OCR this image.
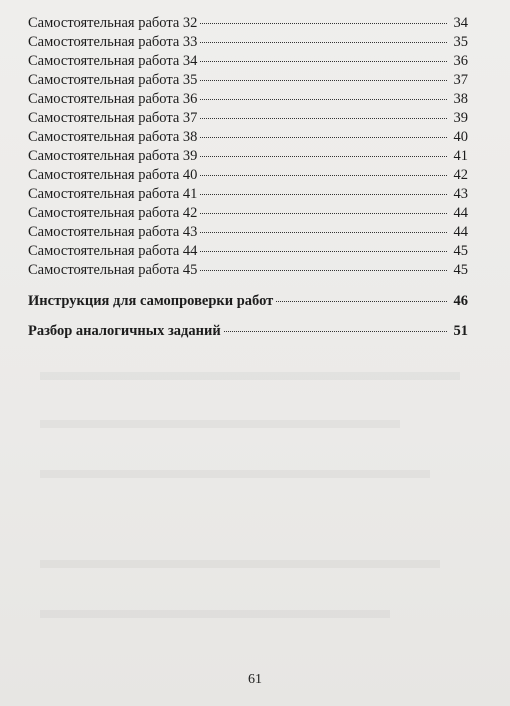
Самостоятельная работа 32	34
Самостоятельная работа 33	35
Самостоятельная работа 34	36
Самостоятельная работа 35	37
Самостоятельная работа 36	38
Самостоятельная работа 37	39
Самостоятельная работа 38	40
Самостоятельная работа 39	41
Самостоятельная работа 40	42
Самостоятельная работа 41	43
Самостоятельная работа 42	44
Самостоятельная работа 43	44
Самостоятельная работа 44	45
Самостоятельная работа 45	45
Инструкция для самопроверки работ	46
Разбор аналогичных заданий	51
61
